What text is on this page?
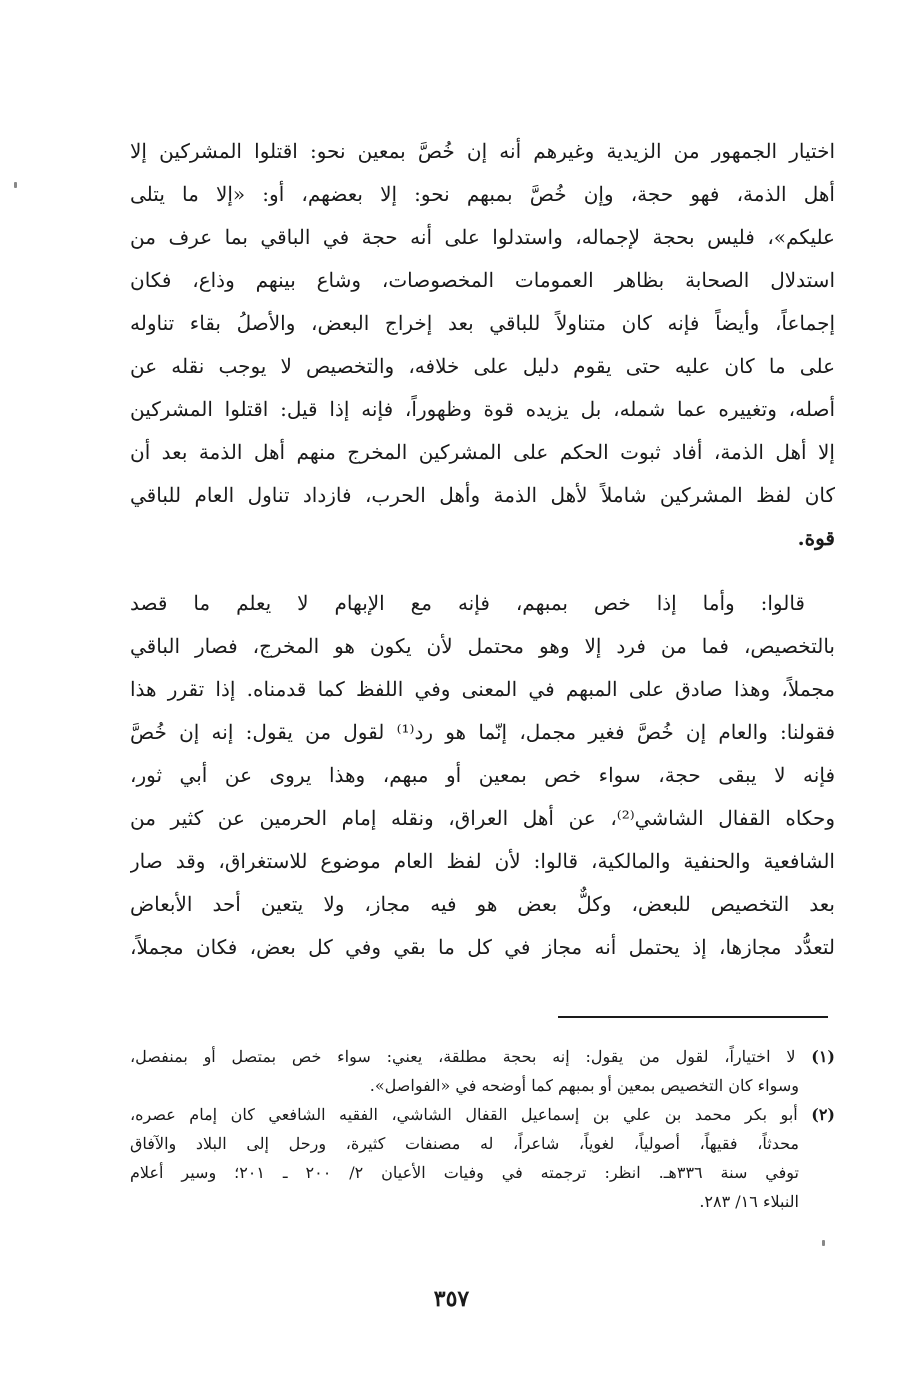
اختيار الجمهور من الزيدية وغيرهم أنه إن خُصَّ بمعين نحو: اقتلوا المشركين إلا
أهل الذمة، فهو حجة، وإن خُصَّ بمبهم نحو: إلا بعضهم، أو: «إلا ما يتلى
عليكم»، فليس بحجة لإجماله، واستدلوا على أنه حجة في الباقي بما عرف من
استدلال الصحابة بظاهر العمومات المخصوصات، وشاع بينهم وذاع، فكان
إجماعاً، وأيضاً فإنه كان متناولاً للباقي بعد إخراج البعض، والأصلُ بقاء تناوله
على ما كان عليه حتى يقوم دليل على خلافه، والتخصيص لا يوجب نقله عن
أصله، وتغييره عما شمله، بل يزيده قوة وظهوراً، فإنه إذا قيل: اقتلوا المشركين
إلا أهل الذمة، أفاد ثبوت الحكم على المشركين المخرج منهم أهل الذمة بعد أن
كان لفظ المشركين شاملاً لأهل الذمة وأهل الحرب، فازداد تناول العام للباقي
قوة.
قالوا: وأما إذا خص بمبهم، فإنه مع الإبهام لا يعلم ما قصد
بالتخصيص، فما من فرد إلا وهو محتمل لأن يكون هو المخرج، فصار الباقي
مجملاً، وهذا صادق على المبهم في المعنى وفي اللفظ كما قدمناه. إذا تقرر هذا
فقولنا: والعام إن خُصَّ فغير مجمل، إنّما هو رد⁽¹⁾ لقول من يقول: إنه إن خُصَّ
فإنه لا يبقى حجة، سواء خص بمعين أو مبهم، وهذا يروى عن أبي ثور،
وحكاه القفال الشاشي⁽²⁾، عن أهل العراق، ونقله إمام الحرمين عن كثير من
الشافعية والحنفية والمالكية، قالوا: لأن لفظ العام موضوع للاستغراق، وقد صار
بعد التخصيص للبعض، وكلٌّ بعض هو فيه مجاز، ولا يتعين أحد الأبعاض
لتعدُّد مجازها، إذ يحتمل أنه مجاز في كل ما بقي وفي كل بعض، فكان مجملاً،
(١) لا اختياراً، لقول من يقول: إنه بحجة مطلقة، يعني: سواء خص بمتصل أو بمنفصل،
وسواء كان التخصيص بمعين أو بمبهم كما أوضحه في «الفواصل».
(٢) أبو بكر محمد بن علي بن إسماعيل القفال الشاشي، الفقيه الشافعي كان إمام عصره،
محدثاً، فقيهاً، أصولياً، لغوياً، شاعراً، له مصنفات كثيرة، ورحل إلى البلاد والآفاق
توفي سنة ٣٣٦هـ. انظر: ترجمته في وفيات الأعيان ٢/ ٢٠٠ ـ ٢٠١؛ وسير أعلام
النبلاء ١٦/ ٢٨٣.
٣٥٧
